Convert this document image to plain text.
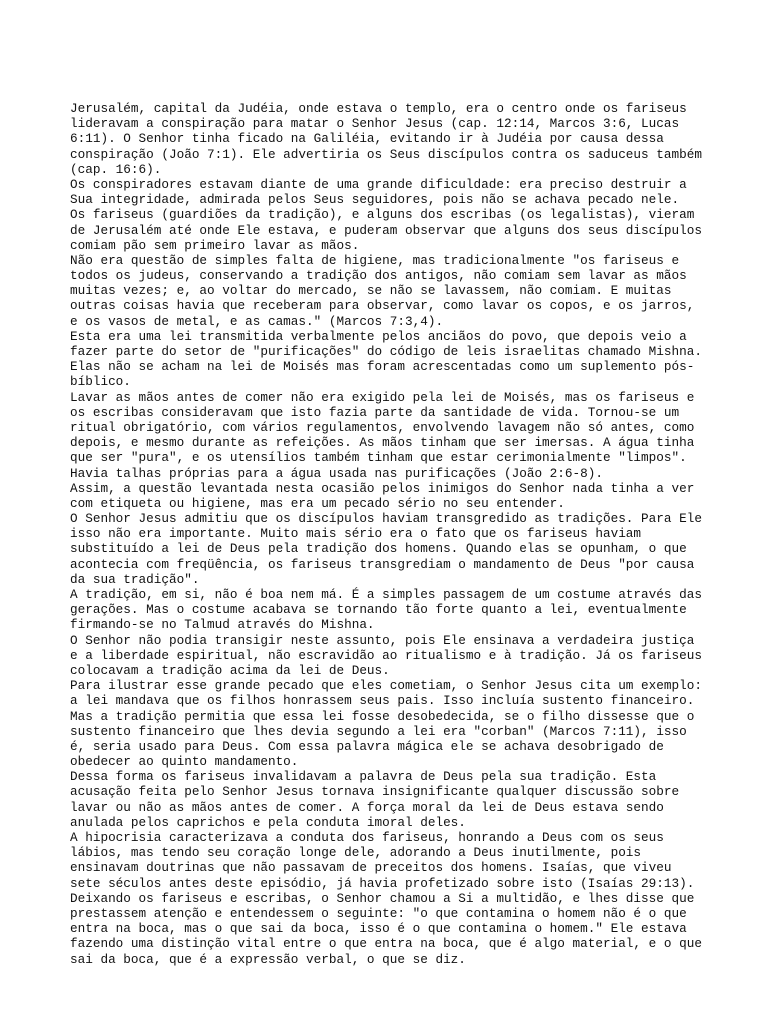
Jerusalém, capital da Judéia, onde estava o templo, era o centro onde os fariseus
lideravam a conspiração para matar o Senhor Jesus (cap. 12:14, Marcos 3:6, Lucas
6:11). O Senhor tinha ficado na Galiléia, evitando ir à Judéia por causa dessa
conspiração (João 7:1). Ele advertiria os Seus discípulos contra os saduceus também
(cap. 16:6).
Os conspiradores estavam diante de uma grande dificuldade: era preciso destruir a
Sua integridade, admirada pelos Seus seguidores, pois não se achava pecado nele.
Os fariseus (guardiões da tradição), e alguns dos escribas (os legalistas), vieram
de Jerusalém até onde Ele estava, e puderam observar que alguns dos seus discípulos
comiam pão sem primeiro lavar as mãos.
Não era questão de simples falta de higiene, mas tradicionalmente "os fariseus e
todos os judeus, conservando a tradição dos antigos, não comiam sem lavar as mãos
muitas vezes; e, ao voltar do mercado, se não se lavassem, não comiam. E muitas
outras coisas havia que receberam para observar, como lavar os copos, e os jarros,
e os vasos de metal, e as camas." (Marcos 7:3,4).
Esta era uma lei transmitida verbalmente pelos anciãos do povo, que depois veio a
fazer parte do setor de "purificações" do código de leis israelitas chamado Mishna.
Elas não se acham na lei de Moisés mas foram acrescentadas como um suplemento pós-
bíblico.
Lavar as mãos antes de comer não era exigido pela lei de Moisés, mas os fariseus e
os escribas consideravam que isto fazia parte da santidade de vida. Tornou-se um
ritual obrigatório, com vários regulamentos, envolvendo lavagem não só antes, como
depois, e mesmo durante as refeições. As mãos tinham que ser imersas. A água tinha
que ser "pura", e os utensílios também tinham que estar cerimonialmente "limpos".
Havia talhas próprias para a água usada nas purificações (João 2:6-8).
Assim, a questão levantada nesta ocasião pelos inimigos do Senhor nada tinha a ver
com etiqueta ou higiene, mas era um pecado sério no seu entender.
O Senhor Jesus admitiu que os discípulos haviam transgredido as tradições. Para Ele
isso não era importante. Muito mais sério era o fato que os fariseus haviam
substituído a lei de Deus pela tradição dos homens. Quando elas se opunham, o que
acontecia com freqüência, os fariseus transgrediam o mandamento de Deus "por causa
da sua tradição".
A tradição, em si, não é boa nem má. É a simples passagem de um costume através das
gerações. Mas o costume acabava se tornando tão forte quanto a lei, eventualmente
firmando-se no Talmud através do Mishna.
O Senhor não podia transigir neste assunto, pois Ele ensinava a verdadeira justiça
e a liberdade espiritual, não escravidão ao ritualismo e à tradição. Já os fariseus
colocavam a tradição acima da lei de Deus.
Para ilustrar esse grande pecado que eles cometiam, o Senhor Jesus cita um exemplo:
a lei mandava que os filhos honrassem seus pais. Isso incluía sustento financeiro.
Mas a tradição permitia que essa lei fosse desobedecida, se o filho dissesse que o
sustento financeiro que lhes devia segundo a lei era "corban" (Marcos 7:11), isso
é, seria usado para Deus. Com essa palavra mágica ele se achava desobrigado de
obedecer ao quinto mandamento.
Dessa forma os fariseus invalidavam a palavra de Deus pela sua tradição. Esta
acusação feita pelo Senhor Jesus tornava insignificante qualquer discussão sobre
lavar ou não as mãos antes de comer. A força moral da lei de Deus estava sendo
anulada pelos caprichos e pela conduta imoral deles.
A hipocrisia caracterizava a conduta dos fariseus, honrando a Deus com os seus
lábios, mas tendo seu coração longe dele, adorando a Deus inutilmente, pois
ensinavam doutrinas que não passavam de preceitos dos homens. Isaías, que viveu
sete séculos antes deste episódio, já havia profetizado sobre isto (Isaías 29:13).
Deixando os fariseus e escribas, o Senhor chamou a Si a multidão, e lhes disse que
prestassem atenção e entendessem o seguinte: "o que contamina o homem não é o que
entra na boca, mas o que sai da boca, isso é o que contamina o homem." Ele estava
fazendo uma distinção vital entre o que entra na boca, que é algo material, e o que
sai da boca, que é a expressão verbal, o que se diz.
